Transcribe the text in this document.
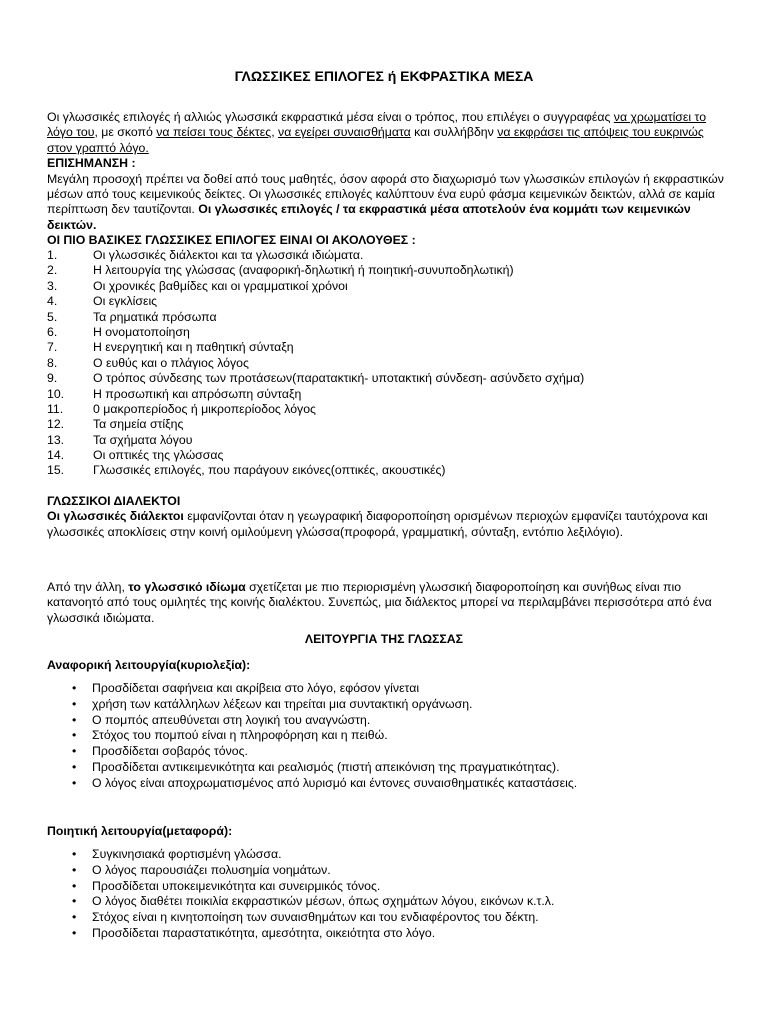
ΓΛΩΣΣΙΚΕΣ ΕΠΙΛΟΓΕΣ ή ΕΚΦΡΑΣΤΙΚΑ ΜΕΣΑ

Οι γλωσσικές επιλογές ή αλλιώς γλωσσικά εκφραστικά μέσα είναι ο τρόπος, που επιλέγει ο συγγραφέας να χρωματίσει το λόγο του, με σκοπό να πείσει τους δέκτες, να εγείρει συναισθήματα και συλλήβδην να εκφράσει τις απόψεις του ευκρινώς στον γραπτό λόγο.

ΕΠΙΣΗΜΑΝΣΗ :

Μεγάλη προσοχή πρέπει να δοθεί από τους μαθητές, όσον αφορά στο διαχωρισμό των γλωσσικών επιλογών ή εκφραστικών μέσων από τους κειμενικούς δείκτες. Οι γλωσσικές επιλογές καλύπτουν ένα ευρύ φάσμα κειμενικών δεικτών, αλλά σε καμία περίπτωση δεν ταυτίζονται. Οι γλωσσικές επιλογές / τα εκφραστικά μέσα αποτελούν ένα κομμάτι των κειμενικών δεικτών.

ΟΙ ΠΙΟ ΒΑΣΙΚΕΣ ΓΛΩΣΣΙΚΕΣ ΕΠΙΛΟΓΕΣ ΕΙΝΑΙ ΟΙ ΑΚΟΛΟΥΘΕΣ :

1.	Οι γλωσσικές διάλεκτοι και τα γλωσσικά ιδιώματα.
2.	Η λειτουργία της γλώσσας (αναφορική-δηλωτική ή ποιητική-συνυποδηλωτική)
3.	Οι χρονικές βαθμίδες και οι γραμματικοί χρόνοι
4.	Οι εγκλίσεις
5.	Τα ρηματικά πρόσωπα
6.	Η ονοματοποίηση
7.	Η ενεργητική και η παθητική σύνταξη
8.	Ο ευθύς και ο πλάγιος λόγος
9.	Ο τρόπος σύνδεσης των προτάσεων(παρατακτική- υποτακτική σύνδεση- ασύνδετο σχήμα)
10.	Η προσωπική και απρόσωπη σύνταξη
11.	0 μακροπερίοδος ή μικροπερίοδος λόγος
12.	Τα σημεία στίξης
13.	Τα σχήματα λόγου
14.	Οι οπτικές της γλώσσας
15.	Γλωσσικές επιλογές, που παράγουν εικόνες(οπτικές, ακουστικές)

ΓΛΩΣΣΙΚΟΙ ΔΙΑΛΕΚΤΟΙ

Οι γλωσσικές διάλεκτοι εμφανίζονται όταν η γεωγραφική διαφοροποίηση ορισμένων περιοχών εμφανίζει ταυτόχρονα και γλωσσικές αποκλίσεις στην κοινή ομιλούμενη γλώσσα(προφορά, γραμματική, σύνταξη, εντόπιο λεξιλόγιο).

Από την άλλη, το γλωσσικό ιδίωμα σχετίζεται με πιο περιορισμένη γλωσσική διαφοροποίηση και συνήθως είναι πιο κατανοητό από τους ομιλητές της κοινής διαλέκτου. Συνεπώς, μια διάλεκτος μπορεί να περιλαμβάνει περισσότερα από ένα γλωσσικά ιδιώματα.

ΛΕΙΤΟΥΡΓΙΑ ΤΗΣ ΓΛΩΣΣΑΣ

Αναφορική λειτουργία(κυριολεξία):

•	Προσδίδεται σαφήνεια και ακρίβεια στο λόγο, εφόσον γίνεται
•	χρήση των κατάλληλων λέξεων και τηρείται μια συντακτική οργάνωση.
•	Ο πομπός απευθύνεται στη λογική του αναγνώστη.
•	Στόχος του πομπού είναι η πληροφόρηση και η πειθώ.
•	Προσδίδεται σοβαρός τόνος.
•	Προσδίδεται αντικειμενικότητα και ρεαλισμός (πιστή απεικόνιση της πραγματικότητας).
•	Ο λόγος είναι αποχρωματισμένος από λυρισμό και έντονες συναισθηματικές καταστάσεις.

Ποιητική λειτουργία(μεταφορά):

•	Συγκινησιακά φορτισμένη γλώσσα.
•	Ο λόγος παρουσιάζει πολυσημία νοημάτων.
•	Προσδίδεται υποκειμενικότητα και συνειρμικός τόνος.
•	Ο λόγος διαθέτει ποικιλία εκφραστικών μέσων, όπως σχημάτων λόγου, εικόνων κ.τ.λ.
•	Στόχος είναι η κινητοποίηση των συναισθημάτων και του ενδιαφέροντος του δέκτη.
•	Προσδίδεται παραστατικότητα, αμεσότητα, οικειότητα στο λόγο.
